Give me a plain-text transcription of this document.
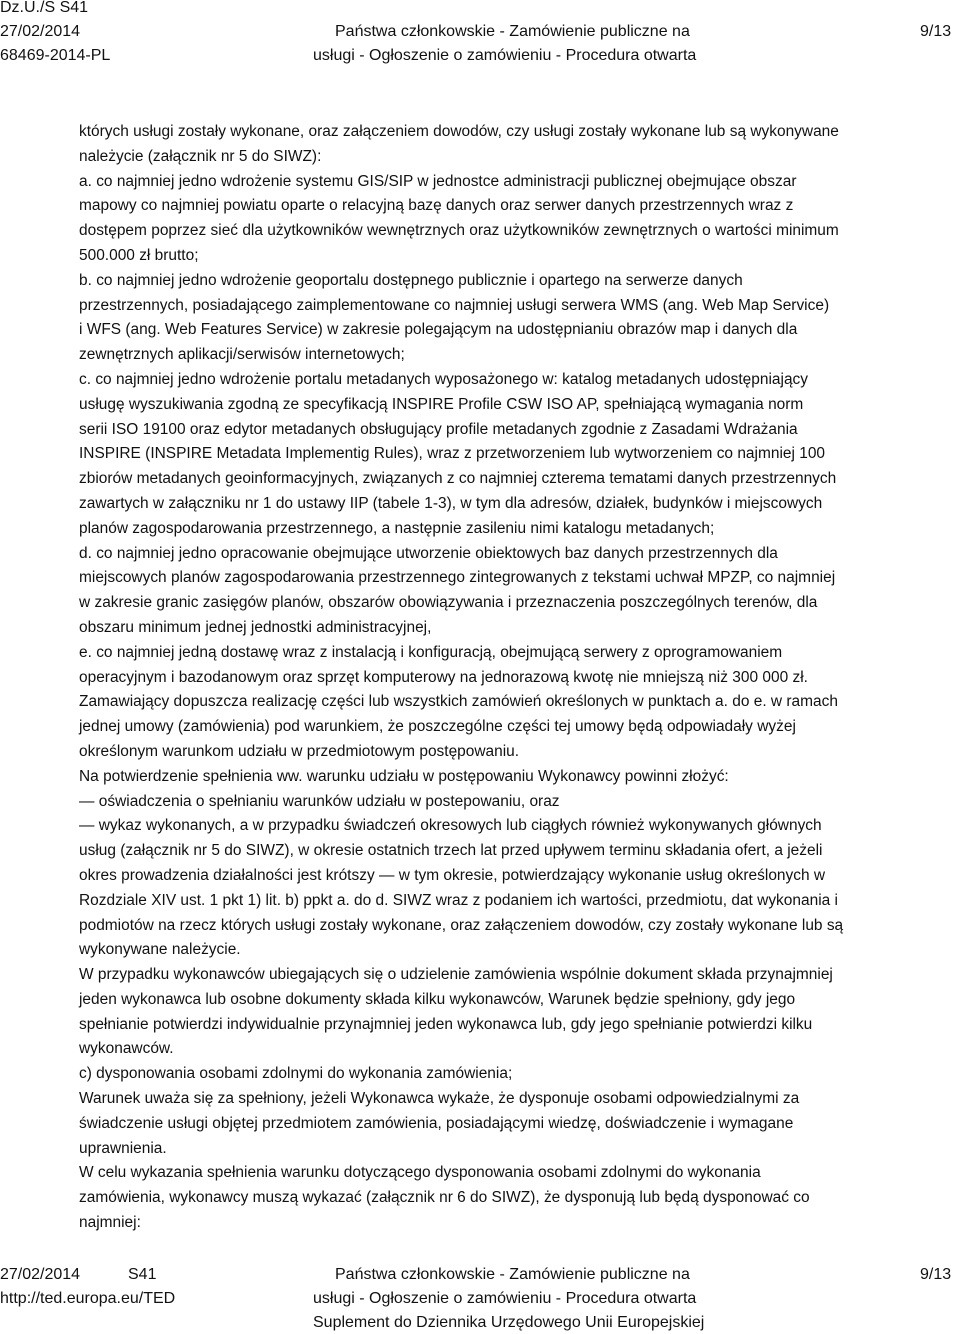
Dz.U./S S41
27/02/2014
68469-2014-PL
Państwa członkowskie - Zamówienie publiczne na
usługi - Ogłoszenie o zamówieniu - Procedura otwarta
9/13
których usługi zostały wykonane, oraz załączeniem dowodów, czy usługi zostały wykonane lub są wykonywane
należycie (załącznik nr 5 do SIWZ):
a. co najmniej jedno wdrożenie systemu GIS/SIP w jednostce administracji publicznej obejmujące obszar
mapowy co najmniej powiatu oparte o relacyjną bazę danych oraz serwer danych przestrzennych wraz z
dostępem poprzez sieć dla użytkowników wewnętrznych oraz użytkowników zewnętrznych o wartości minimum
500.000 zł brutto;
b. co najmniej jedno wdrożenie geoportalu dostępnego publicznie i opartego na serwerze danych
przestrzennych, posiadającego zaimplementowane co najmniej usługi serwera WMS (ang. Web Map Service)
i WFS (ang. Web Features Service) w zakresie polegającym na udostępnianiu obrazów map i danych dla
zewnętrznych aplikacji/serwisów internetowych;
c. co najmniej jedno wdrożenie portalu metadanych wyposażonego w: katalog metadanych udostępniający
usługę wyszukiwania zgodną ze specyfikacją INSPIRE Profile CSW ISO AP, spełniającą wymagania norm
serii ISO 19100 oraz edytor metadanych obsługujący profile metadanych zgodnie z Zasadami Wdrażania
INSPIRE (INSPIRE Metadata Implementig Rules), wraz z przetworzeniem lub wytworzeniem co najmniej 100
zbiorów metadanych geoinformacyjnych, związanych z co najmniej czterema tematami danych przestrzennych
zawartych w załączniku nr 1 do ustawy IIP (tabele 1-3), w tym dla adresów, działek, budynków i miejscowych
planów zagospodarowania przestrzennego, a następnie zasileniu nimi katalogu metadanych;
d. co najmniej jedno opracowanie obejmujące utworzenie obiektowych baz danych przestrzennych dla
miejscowych planów zagospodarowania przestrzennego zintegrowanych z tekstami uchwał MPZP, co najmniej
w zakresie granic zasięgów planów, obszarów obowiązywania i przeznaczenia poszczególnych terenów, dla
obszaru minimum jednej jednostki administracyjnej,
e. co najmniej jedną dostawę wraz z instalacją i konfiguracją, obejmującą serwery z oprogramowaniem
operacyjnym i bazodanowym oraz sprzęt komputerowy na jednorazową kwotę nie mniejszą niż 300 000 zł.
Zamawiający dopuszcza realizację części lub wszystkich zamówień określonych w punktach a. do e. w ramach
jednej umowy (zamówienia) pod warunkiem, że poszczególne części tej umowy będą odpowiadały wyżej
określonym warunkom udziału w przedmiotowym postępowaniu.
Na potwierdzenie spełnienia ww. warunku udziału w postępowaniu Wykonawcy powinni złożyć:
— oświadczenia o spełnianiu warunków udziału w postepowaniu, oraz
— wykaz wykonanych, a w przypadku świadczeń okresowych lub ciągłych również wykonywanych głównych
usług (załącznik nr 5 do SIWZ), w okresie ostatnich trzech lat przed upływem terminu składania ofert, a jeżeli
okres prowadzenia działalności jest krótszy — w tym okresie, potwierdzający wykonanie usług określonych w
Rozdziale XIV ust. 1 pkt 1) lit. b) ppkt a. do d. SIWZ wraz z podaniem ich wartości, przedmiotu, dat wykonania i
podmiotów na rzecz których usługi zostały wykonane, oraz załączeniem dowodów, czy zostały wykonane lub są
wykonywane należycie.
W przypadku wykonawców ubiegających się o udzielenie zamówienia wspólnie dokument składa przynajmniej
jeden wykonawca lub osobne dokumenty składa kilku wykonawców, Warunek będzie spełniony, gdy jego
spełnianie potwierdzi indywidualnie przynajmniej jeden wykonawca lub, gdy jego spełnianie potwierdzi kilku
wykonawców.
c) dysponowania osobami zdolnymi do wykonania zamówienia;
Warunek uważa się za spełniony, jeżeli Wykonawca wykaże, że dysponuje osobami odpowiedzialnymi za
świadczenie usługi objętej przedmiotem zamówienia, posiadającymi wiedzę, doświadczenie i wymagane
uprawnienia.
W celu wykazania spełnienia warunku dotyczącego dysponowania osobami zdolnymi do wykonania
zamówienia, wykonawcy muszą wykazać (załącznik nr 6 do SIWZ), że dysponują lub będą dysponować co
najmniej:
27/02/2014	S41
http://ted.europa.eu/TED
Państwa członkowskie - Zamówienie publiczne na
usługi - Ogłoszenie o zamówieniu - Procedura otwarta
Suplement do Dziennika Urzędowego Unii Europejskiej
9/13
